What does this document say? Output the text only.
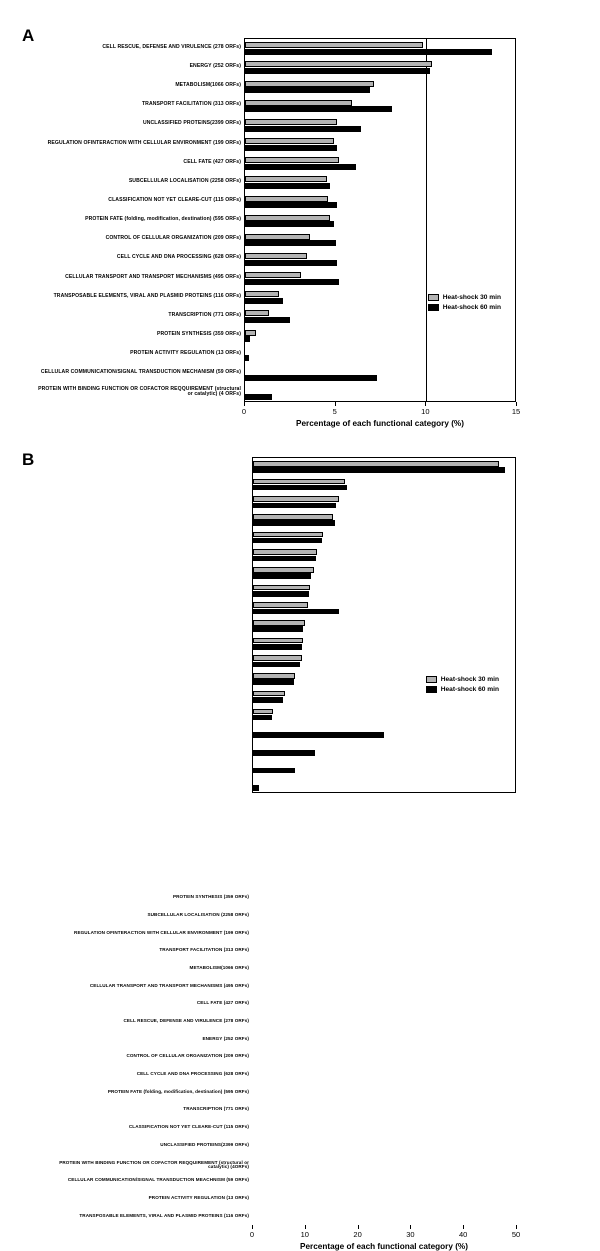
A
Heat-shock 30 min
Heat-shock 60 min
0	5	10	15
Percentage of each functional category (%)
CELL RESCUE, DEFENSE AND VIRULENCE (278 ORFs)
ENERGY (252 ORFs)
METABOLISM(1066 ORFs)
TRANSPORT FACILITATION (313 ORFs)
UNCLASSIFIED PROTEINS(2399 ORFs)
REGULATION OFINTERACTION WITH CELLULAR ENVIRONMENT (199 ORFs)
CELL FATE (427 ORFs)
SUBCELLULAR LOCALISATION (2258 ORFs)
CLASSIFICATION NOT YET CLEARE-CUT (115 ORFs)
PROTEIN FATE (folding, modification, destination) (595 ORFs)
CONTROL OF CELLULAR ORGANIZATION (209 ORFs)
CELL CYCLE AND DNA PROCESSING (628 ORFs)
CELLULAR TRANSPORT AND TRANSPORT MECHANISMS (495 ORFs)
TRANSPOSABLE ELEMENTS, VIRAL AND PLASMID PROTEINS (116 ORFs)
TRANSCRIPTION (771 ORFs)
PROTEIN SYNTHESIS (359 ORFs)
PROTEIN ACTIVITY REGULATION (13 ORFs)
CELLULAR COMMUNICATION/SIGNAL TRANSDUCTION MECHANISM (59 ORFs)
PROTEIN WITH BINDING FUNCTION OR COFACTOR REQQUIREMENT (structural or catalytic) (4 ORFs)
B
Heat-shock 30 min
Heat-shock 60 min
0	10	20	30	40	50
Percentage of each functional category (%)
PROTEIN SYNTHESIS (359 ORFs)
SUBCELLULAR LOCALISATION (2258 ORFs)
REGULATION OFINTERACTION WITH CELLULAR ENVIRONMENT (199 ORFs)
TRANSPORT FACILITATION (313 ORFs)
METABOLISM(1066 ORFs)
CELLULAR TRANSPORT AND TRANSPORT MECHANISMS (495 ORFs)
CELL FATE (427 ORFs)
CELL RESCUE, DEFENSE AND VIRULENCE (278 ORFs)
ENERGY (252 ORFs)
CONTROL OF CELLULAR ORGANIZATION (209 ORFs)
CELL CYCLE AND DNA PROCESSING (628 ORFs)
PROTEIN FATE (folding, modification, destination) (595 ORFs)
TRANSCRIPTION (771 ORFs)
CLASSIFICATION NOT YET CLEARE-CUT (115 ORFs)
UNCLASSIFIED PROTEINS(2399 ORFs)
PROTEIN WITH BINDING FUNCTION OR COFACTOR REQQUIREMENT (structural or catalytic) (4ORFs)
CELLULAR COMMUNICATION/SIGNAL TRANSDUCTION MEACHNISM (59 ORFs)
PROTEIN ACTIVITY REGULATION (13 ORFs)
TRANSPOSABLE ELEMENTS, VIRAL AND PLASMID PROTEINS (116 ORFs)
